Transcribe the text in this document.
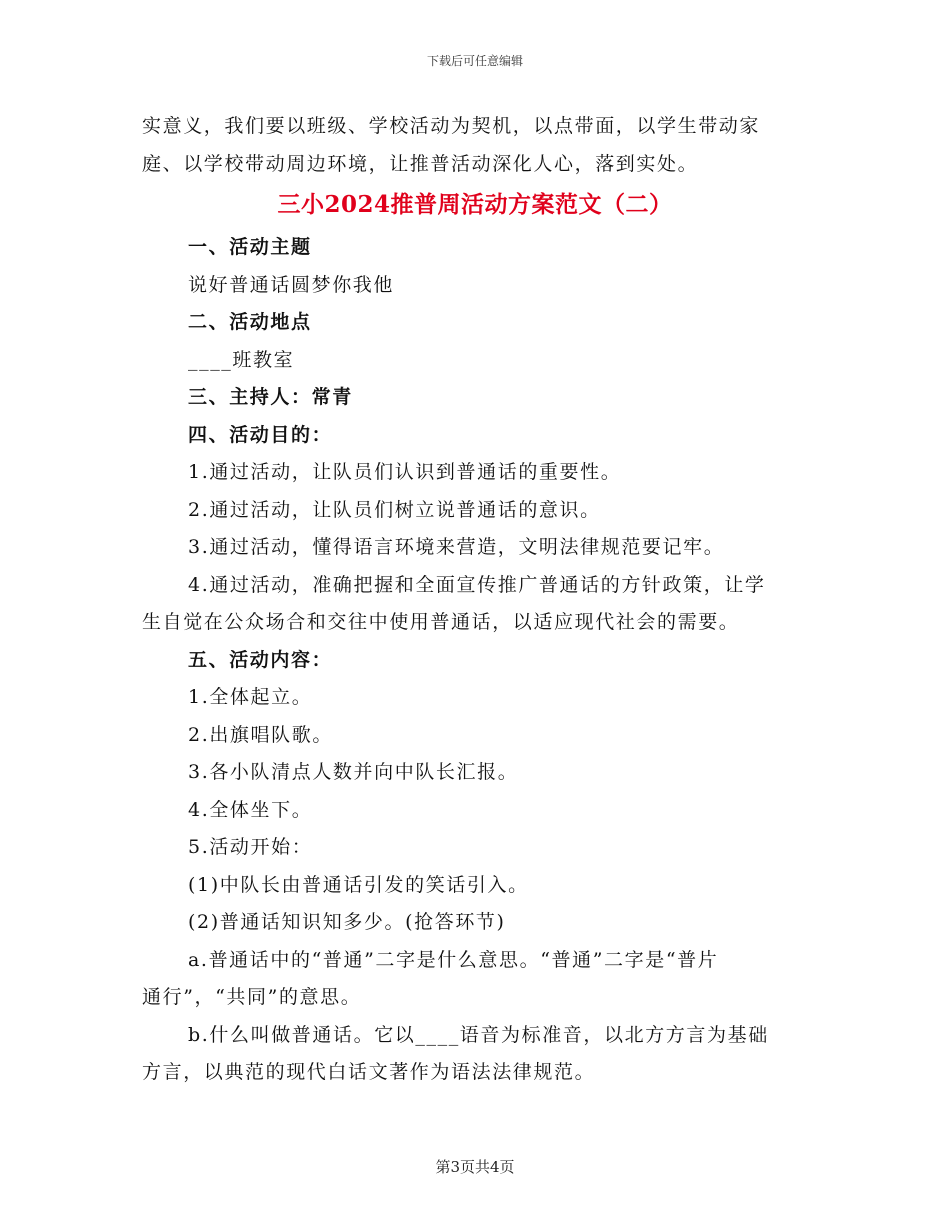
下载后可任意编辑
实意义，我们要以班级、学校活动为契机，以点带面，以学生带动家
庭、以学校带动周边环境，让推普活动深化人心，落到实处。
三小2024推普周活动方案范文（二）
一、活动主题
说好普通话圆梦你我他
二、活动地点
____班教室
三、主持人：常青
四、活动目的：
1.通过活动，让队员们认识到普通话的重要性。
2.通过活动，让队员们树立说普通话的意识。
3.通过活动，懂得语言环境来营造，文明法律规范要记牢。
4.通过活动，准确把握和全面宣传推广普通话的方针政策，让学
生自觉在公众场合和交往中使用普通话，以适应现代社会的需要。
五、活动内容：
1.全体起立。
2.出旗唱队歌。
3.各小队清点人数并向中队长汇报。
4.全体坐下。
5.活动开始：
(1)中队长由普通话引发的笑话引入。
(2)普通话知识知多少。(抢答环节)
a.普通话中的“普通”二字是什么意思。“普通”二字是“普片
通行”，“共同”的意思。
b.什么叫做普通话。它以____语音为标准音，以北方方言为基础
方言，以典范的现代白话文著作为语法法律规范。
第3页共4页
